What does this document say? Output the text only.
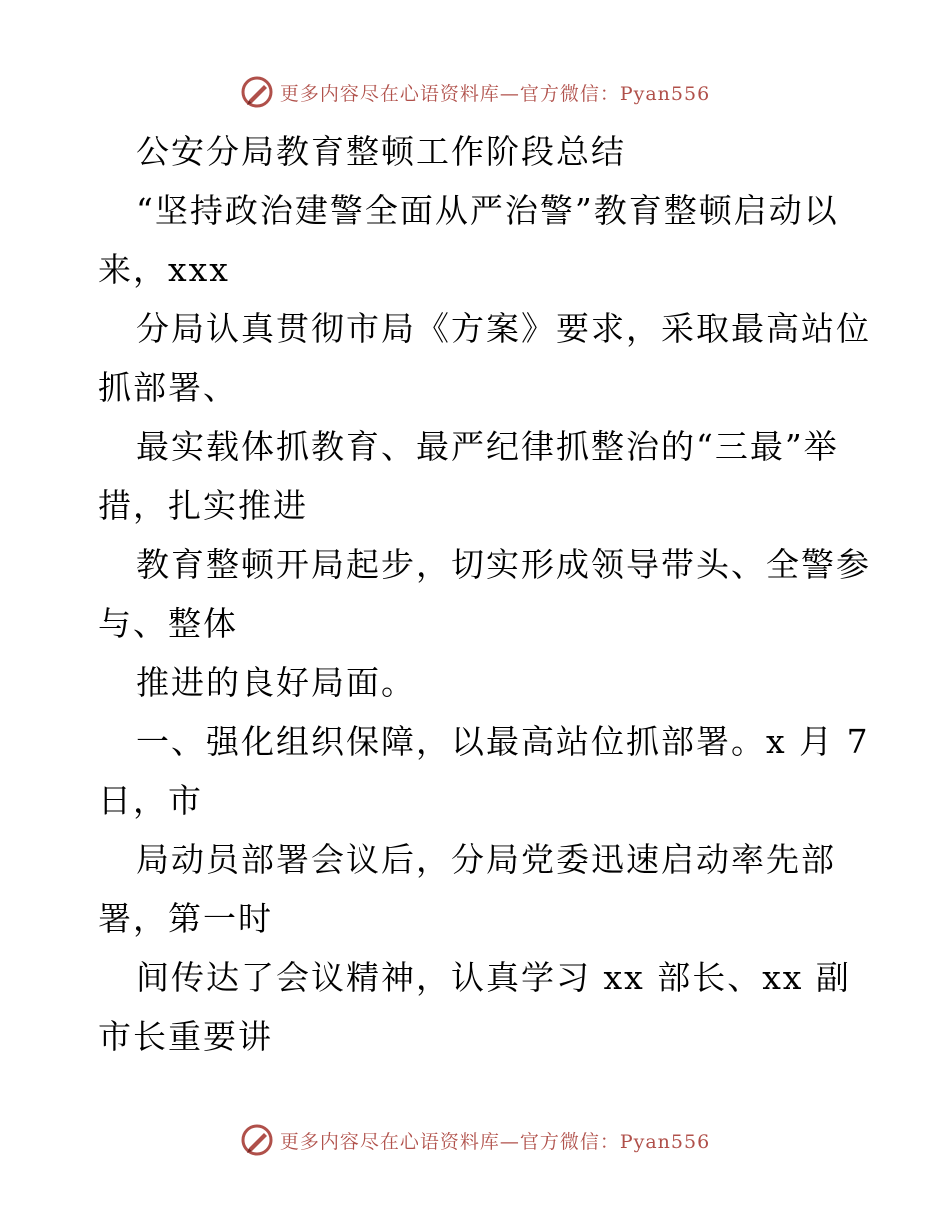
更多内容尽在心语资料库—官方微信：Pyan556
公安分局教育整顿工作阶段总结
“坚持政治建警全面从严治警”教育整顿启动以
来，xxx
分局认真贯彻市局《方案》要求，采取最高站位
抓部署、
最实载体抓教育、最严纪律抓整治的“三最”举
措，扎实推进
教育整顿开局起步，切实形成领导带头、全警参
与、整体
推进的良好局面。
一、强化组织保障，以最高站位抓部署。x 月 7
日，市
局动员部署会议后，分局党委迅速启动率先部
署，第一时
间传达了会议精神，认真学习 xx 部长、xx 副
市长重要讲
更多内容尽在心语资料库—官方微信：Pyan556
